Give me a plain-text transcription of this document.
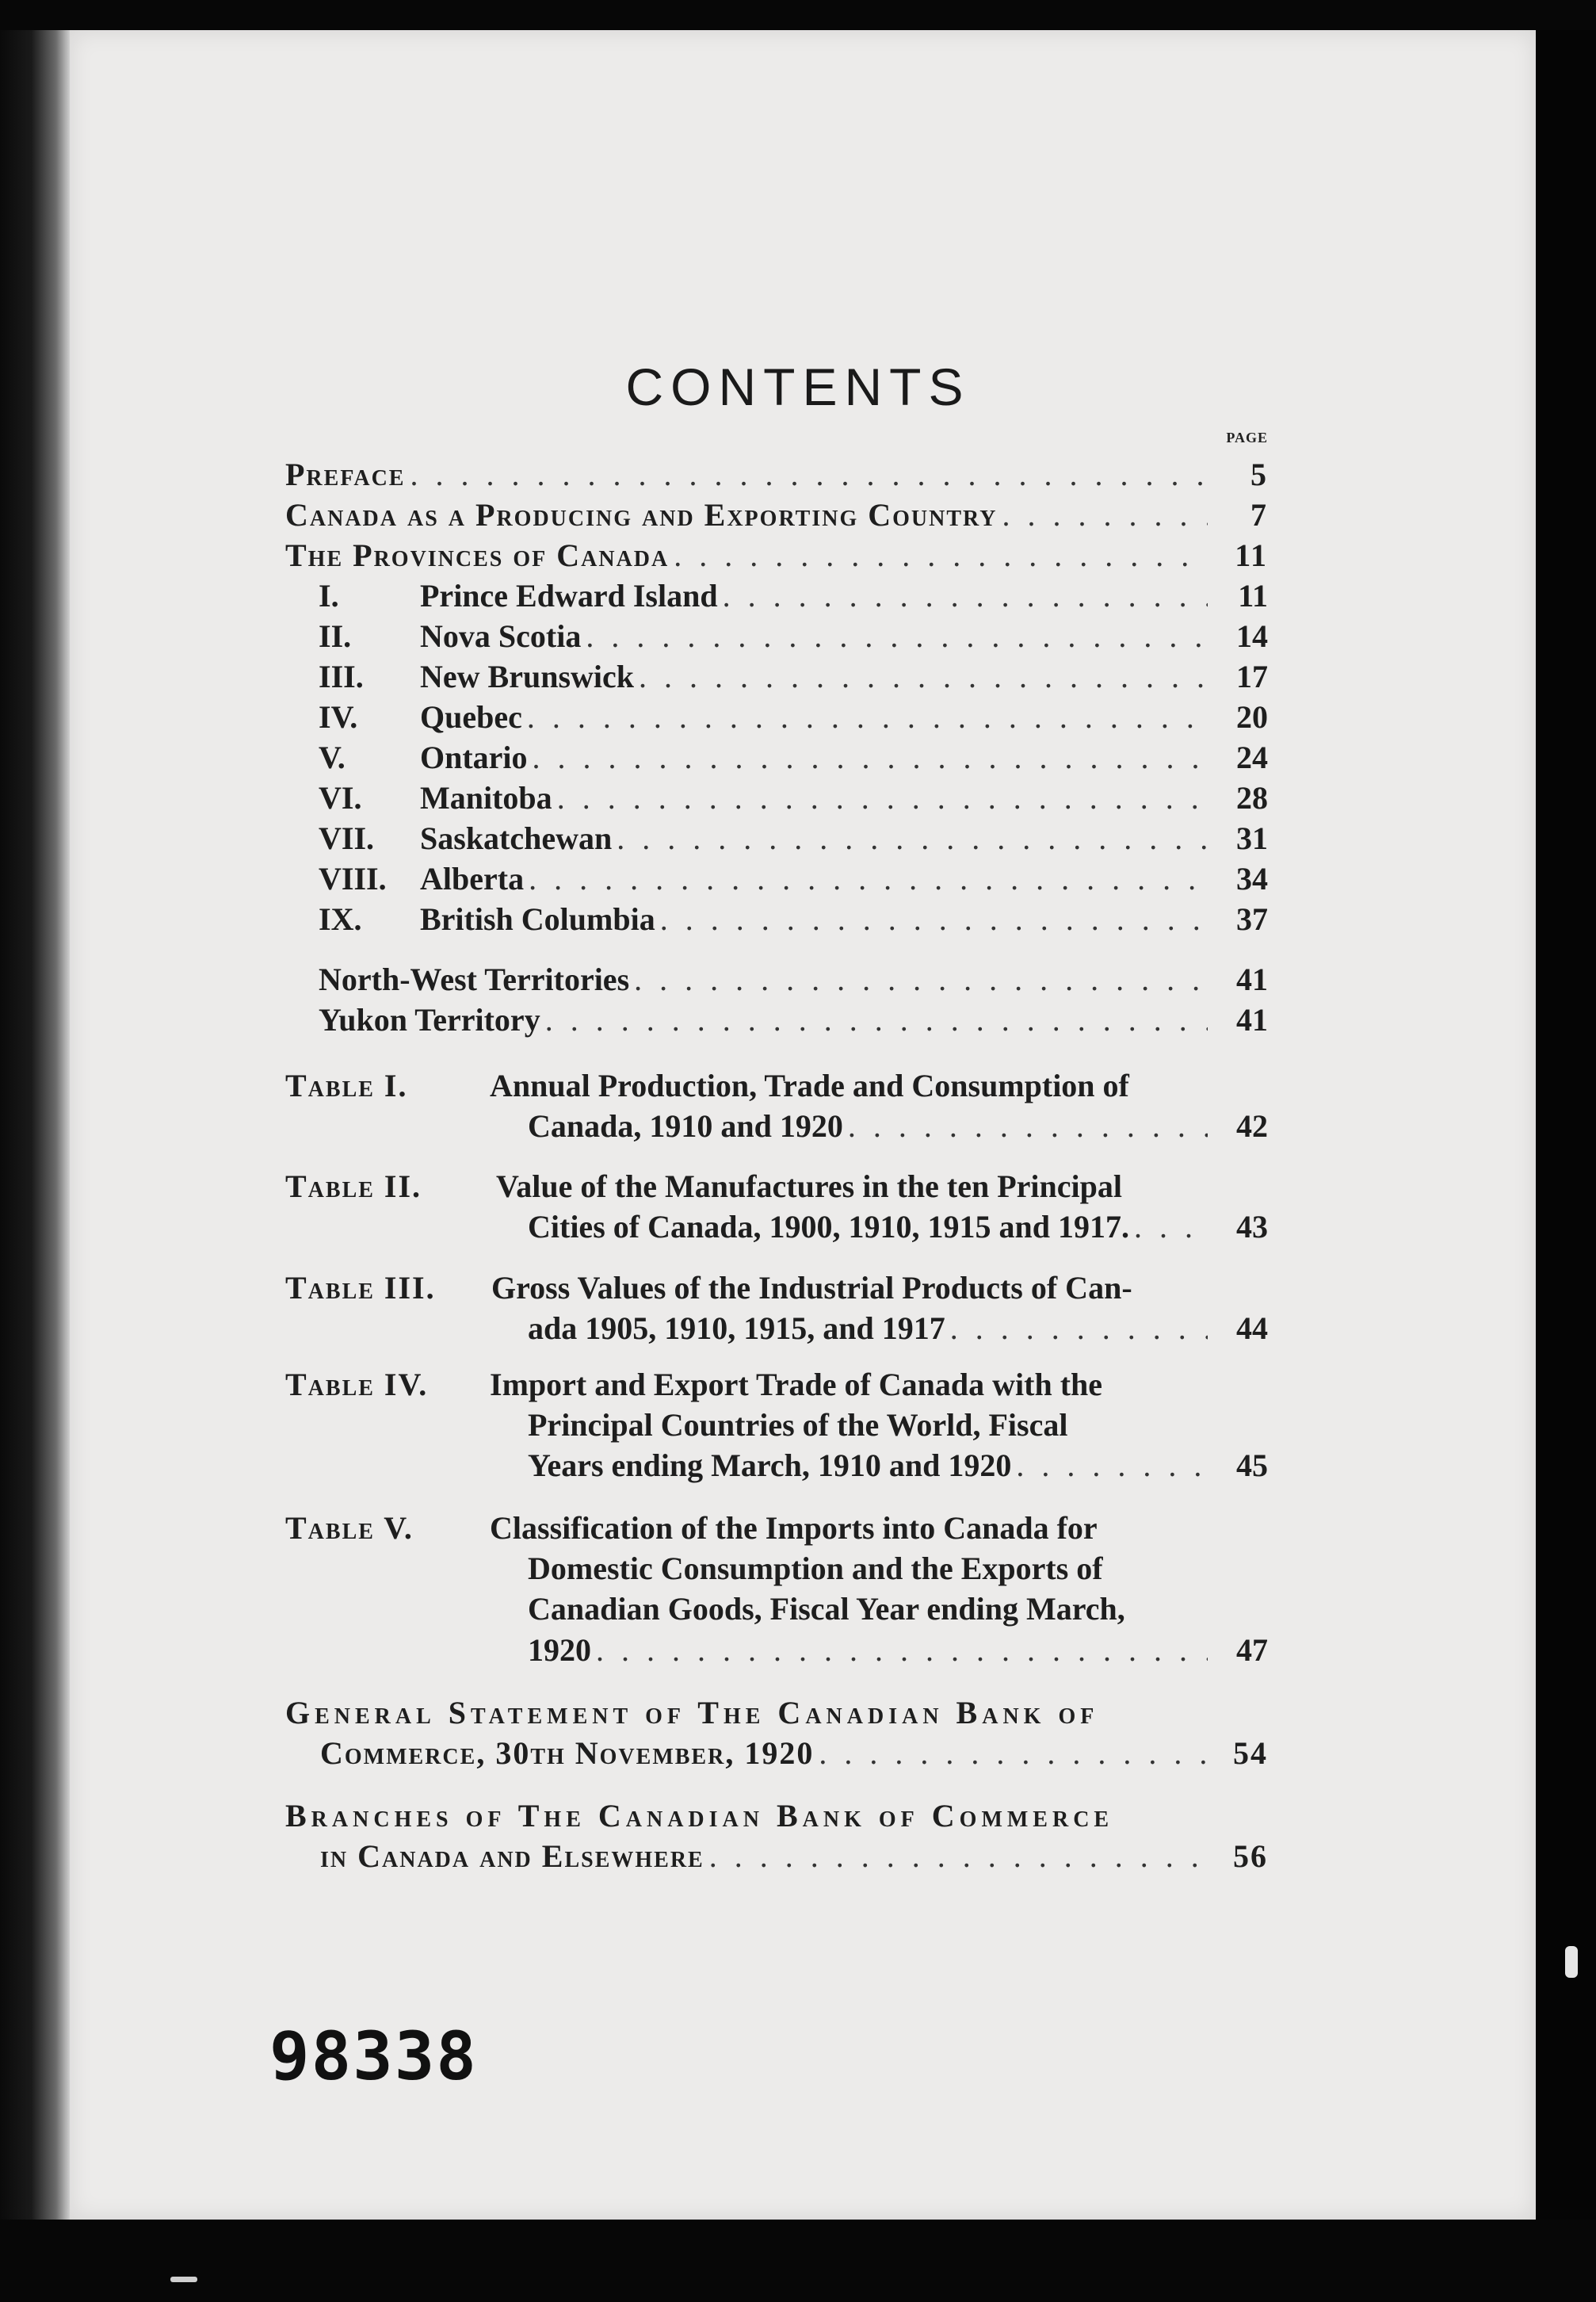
CONTENTS
PAGE
Preface . . .	5
Canada as a Producing and Exporting Country . . .	7
The Provinces of Canada . . .	11
I.	Prince Edward Island . . .	11
II.	Nova Scotia . . .	14
III.	New Brunswick . . .	17
IV.	Quebec . . .	20
V.	Ontario . . .	24
VI.	Manitoba . . .	28
VII.	Saskatchewan . . .	31
VIII.	Alberta . . .	34
IX.	British Columbia . . .	37
North-West Territories . . .	41
Yukon Territory . . .	41
Table I.	Annual Production, Trade and Consumption of
Canada, 1910 and 1920 . . .	42
Table II.	Value of the Manufactures in the ten Principal
Cities of Canada, 1900, 1910, 1915 and 1917. . . .	43
Table III.	Gross Values of the Industrial Products of Can-
ada 1905, 1910, 1915, and 1917 . . .	44
Table IV.	Import and Export Trade of Canada with the
Principal Countries of the World, Fiscal
Years ending March, 1910 and 1920 . . .	45
Table V.	Classification of the Imports into Canada for
Domestic Consumption and the Exports of
Canadian Goods, Fiscal Year ending March,
1920 . . .	47
General Statement of The Canadian Bank of
Commerce, 30th November, 1920 . . .	54
Branches of The Canadian Bank of Commerce
in Canada and Elsewhere . . .	56
98338
